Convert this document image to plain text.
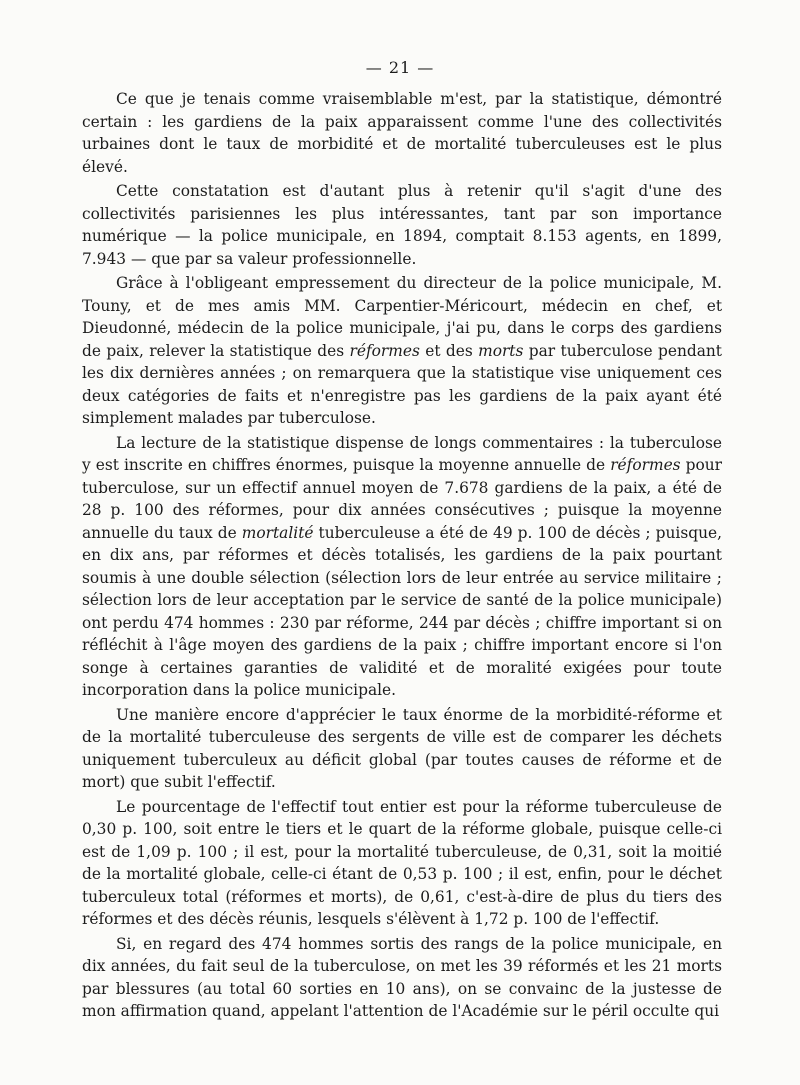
— 21 —

Ce que je tenais comme vraisemblable m'est, par la statistique, démontré certain : les gardiens de la paix apparaissent comme l'une des collectivités urbaines dont le taux de morbidité et de mortalité tuberculeuses est le plus élevé.

Cette constatation est d'autant plus à retenir qu'il s'agit d'une des collectivités parisiennes les plus intéressantes, tant par son importance numérique — la police municipale, en 1894, comptait 8.153 agents, en 1899, 7.943 — que par sa valeur professionnelle.

Grâce à l'obligeant empressement du directeur de la police municipale, M. Touny, et de mes amis MM. Carpentier-Méricourt, médecin en chef, et Dieudonné, médecin de la police municipale, j'ai pu, dans le corps des gardiens de paix, relever la statistique des réformes et des morts par tuberculose pendant les dix dernières années ; on remarquera que la statistique vise uniquement ces deux catégories de faits et n'enregistre pas les gardiens de la paix ayant été simplement malades par tuberculose.

La lecture de la statistique dispense de longs commentaires : la tuberculose y est inscrite en chiffres énormes, puisque la moyenne annuelle de réformes pour tuberculose, sur un effectif annuel moyen de 7.678 gardiens de la paix, a été de 28 p. 100 des réformes, pour dix années consécutives ; puisque la moyenne annuelle du taux de mortalité tuberculeuse a été de 49 p. 100 de décès ; puisque, en dix ans, par réformes et décès totalisés, les gardiens de la paix pourtant soumis à une double sélection (sélection lors de leur entrée au service militaire ; sélection lors de leur acceptation par le service de santé de la police municipale) ont perdu 474 hommes : 230 par réforme, 244 par décès ; chiffre important si on réfléchit à l'âge moyen des gardiens de la paix ; chiffre important encore si l'on songe à certaines garanties de validité et de moralité exigées pour toute incorporation dans la police municipale.

Une manière encore d'apprécier le taux énorme de la morbidité-réforme et de la mortalité tuberculeuse des sergents de ville est de comparer les déchets uniquement tuberculeux au déficit global (par toutes causes de réforme et de mort) que subit l'effectif.

Le pourcentage de l'effectif tout entier est pour la réforme tuberculeuse de 0,30 p. 100, soit entre le tiers et le quart de la réforme globale, puisque celle-ci est de 1,09 p. 100 ; il est, pour la mortalité tuberculeuse, de 0,31, soit la moitié de la mortalité globale, celle-ci étant de 0,53 p. 100 ; il est, enfin, pour le déchet tuberculeux total (réformes et morts), de 0,61, c'est-à-dire de plus du tiers des réformes et des décès réunis, lesquels s'élèvent à 1,72 p. 100 de l'effectif.

Si, en regard des 474 hommes sortis des rangs de la police municipale, en dix années, du fait seul de la tuberculose, on met les 39 réformés et les 21 morts par blessures (au total 60 sorties en 10 ans), on se convainc de la justesse de mon affirmation quand, appelant l'attention de l'Académie sur le péril occulte qui
